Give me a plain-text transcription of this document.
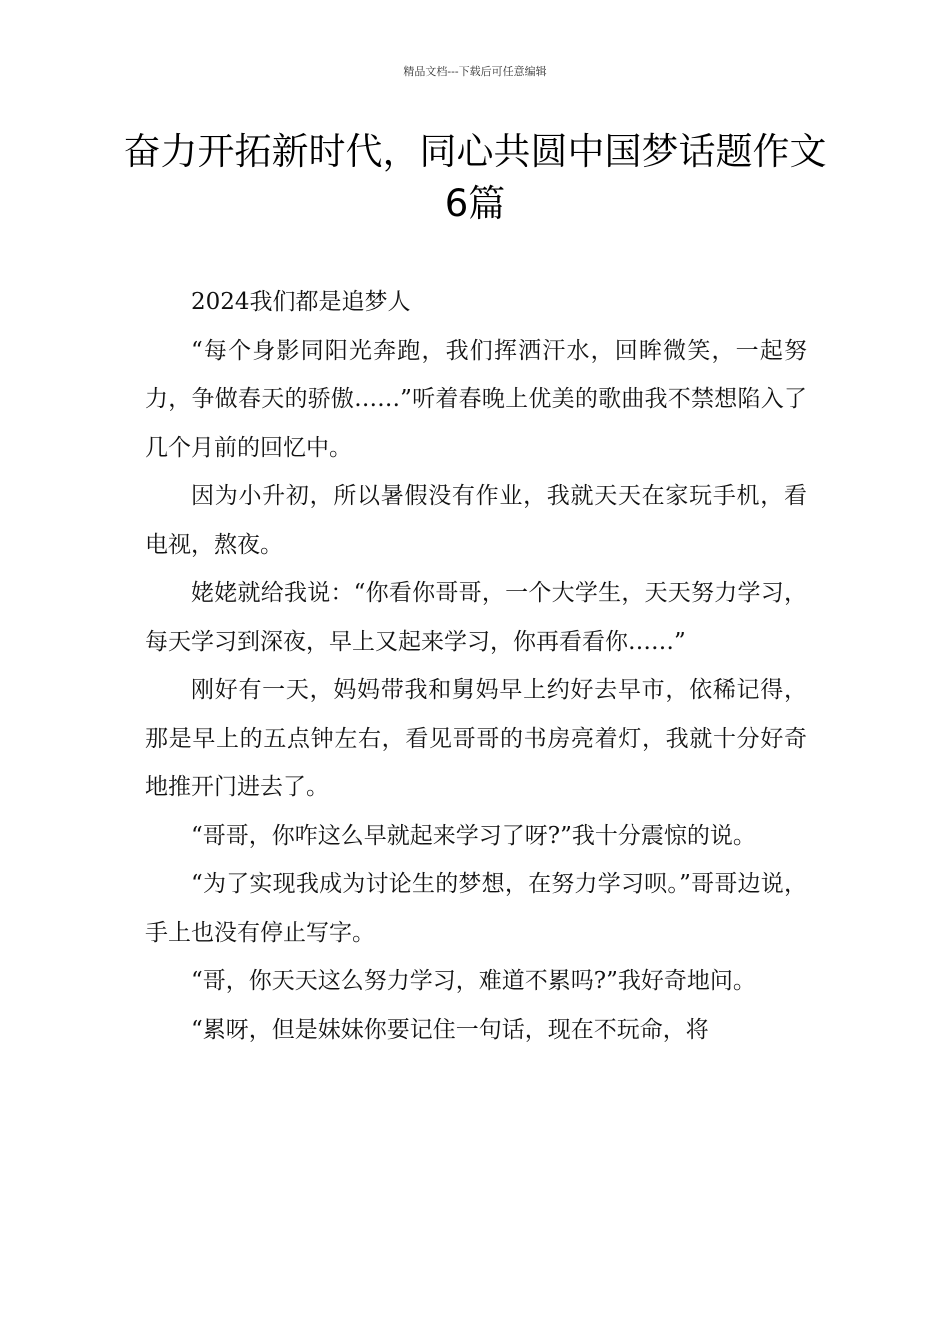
精品文档---下载后可任意编辑
奋力开拓新时代，同心共圆中国梦话题作文6篇

2024我们都是追梦人

“每个身影同阳光奔跑，我们挥洒汗水，回眸微笑，一起努力，争做春天的骄傲……”听着春晚上优美的歌曲我不禁想陷入了几个月前的回忆中。

因为小升初，所以暑假没有作业，我就天天在家玩手机，看电视，熬夜。

姥姥就给我说：“你看你哥哥，一个大学生，天天努力学习，每天学习到深夜，早上又起来学习，你再看看你……”

刚好有一天，妈妈带我和舅妈早上约好去早市，依稀记得，那是早上的五点钟左右，看见哥哥的书房亮着灯，我就十分好奇地推开门进去了。

“哥哥，你咋这么早就起来学习了呀?”我十分震惊的说。

“为了实现我成为讨论生的梦想，在努力学习呗。”哥哥边说，手上也没有停止写字。

“哥，你天天这么努力学习，难道不累吗?”我好奇地问。

“累呀，但是妹妹你要记住一句话，现在不玩命，将
